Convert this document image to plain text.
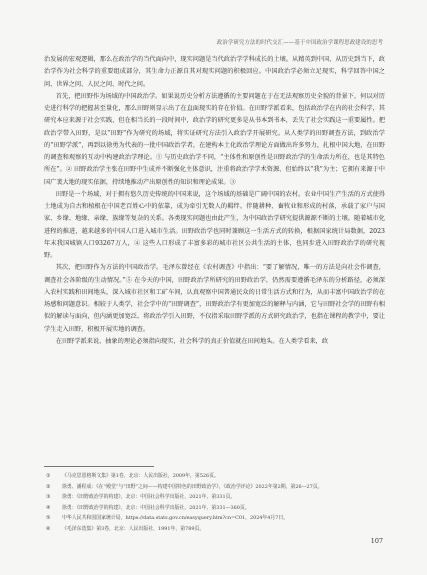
政治学研究方法的时代交汇——基于中国政治学课程思政建设的思考

治发展的宏观逻辑，那么在政治学的当代面向中，现实问题是当代政治学学科成长的土壤。从精英到中国，从历史到当下，政治学作为社会科学的重要组成部分，其生命力正源自其对现实问题的积极回应。中国政治学必须立足现实，科学回答中国之问、世界之问、人民之问、时代之问。

首先，把田野作为场域的中国政治学。如果说历史分析方法遵循的主要问题在于在无法观察历史全貌的背景下，何以对历史进行科学的把握甚至量化，那么田野则显示出了在直面现实的存在价值。在田野学派看来，包括政治学在内的社会科学，其研究本应来源于社会实践，但在相当长的一段时间中，政治学的研究更多是从书本到书本，丢失了社会实践这一重要属性。把政治学带入田野，是以“田野”作为研究的场域，将实证研究方法引入政治学开展研究。从人类学的田野调查方法，到政治学的“田野学派”，再到以徐勇为代表的一批中国政治学者，在建构本土化政治学理论方面做出许多努力，扎根中国大地，在田野的调查和观察的互动中构建政治学理论。① 与历史政治学不同，“主体性和原创性是田野政治学的生命活力所在，也是其特色所在”。② 田野政治学主张在田野中生成并不断强化主体意识，注重将政治学学术资源，但始终以“我”为主；它拥有来源于中国广袤大地的现实依据，持续地推动产出原创性的知识和理论成果。③

田野是一个场域，对于拥有悠久历史传统的中国来说，这个场域的基础是广阔中国的农村。农业中国生产生活的方式使得土地成为自古和植根在中国老百姓心中的依靠，成为牵引无数人的羁绊。伴随耕种、畜牧业和形成的村落，承载了家户与国家、乡缘、地缘、亲缘，族缘等复杂的关系。各类现实问题也由此产生，为中国政治学研究提供源源不断的土壤。随着城市化进程的推进，越来越多的中国人口进入城市生活。田野政治学也同时兼顾这一生活方式的转换，根据国家统计局数据，2023年末我国城镇人口93267万人，④ 这些人口形成了丰富多彩的城市社区公共生活的主体，也同步进入田野政治学的研究视野。

其次，把田野作为方法的中国政治学。毛泽东曾经在《农村调查》中指出：“要了解情况，唯一的方法是向社会作调查，调查社会各阶级的生动情况。”⑤ 在今天的中国，田野政治学所研究的田野政治学，仍然需要遵循毛泽东的分析路径，必须深入农村实践和田间地头，深入城市社区和工矿车间，认真观察中国普通民众的日常生活方式和行为，从而丰富中国政治学的在场感和问题意识。相较于人类学，社会学中的“田野调查”，田野政治学有更加宽泛的解释与内涵，它与田野社会学的田野有相似的解读与面向，但内涵更加宽泛。将政治学引入田野，不仅指采取田野学派的方式研究政治学，也指在课程的教学中，要让学生走入田野，积极开展实地的调查。

在田野学派来说，抽象的理论必须指向现实，社会科学的真正价值就在田间地头。在人类学看来，政

①	《马克思恩格斯文集》第1卷，北京：人民出版社，2009年，第526页。
②	徐勇、潘程成：《在“殿堂”与“田野”之间——构建中国特色的田野政治学》，《政治学评论》2022年第2期，第26—27页。
③	徐勇：《田野政治学的构建》，北京：中国社会科学出版社，2021年，第331页。
④	徐勇：《田野政治学的构建》，北京：中国社会科学出版社，2021年，第331—360页。
⑤	中华人民共和国国家统计局，https://data.stats.gov.cn/easyquery.htm?cn=C01，2024年4月7日。
⑥	《毛泽东选集》第3卷，北京：人民出版社，1991年，第789页。
107
